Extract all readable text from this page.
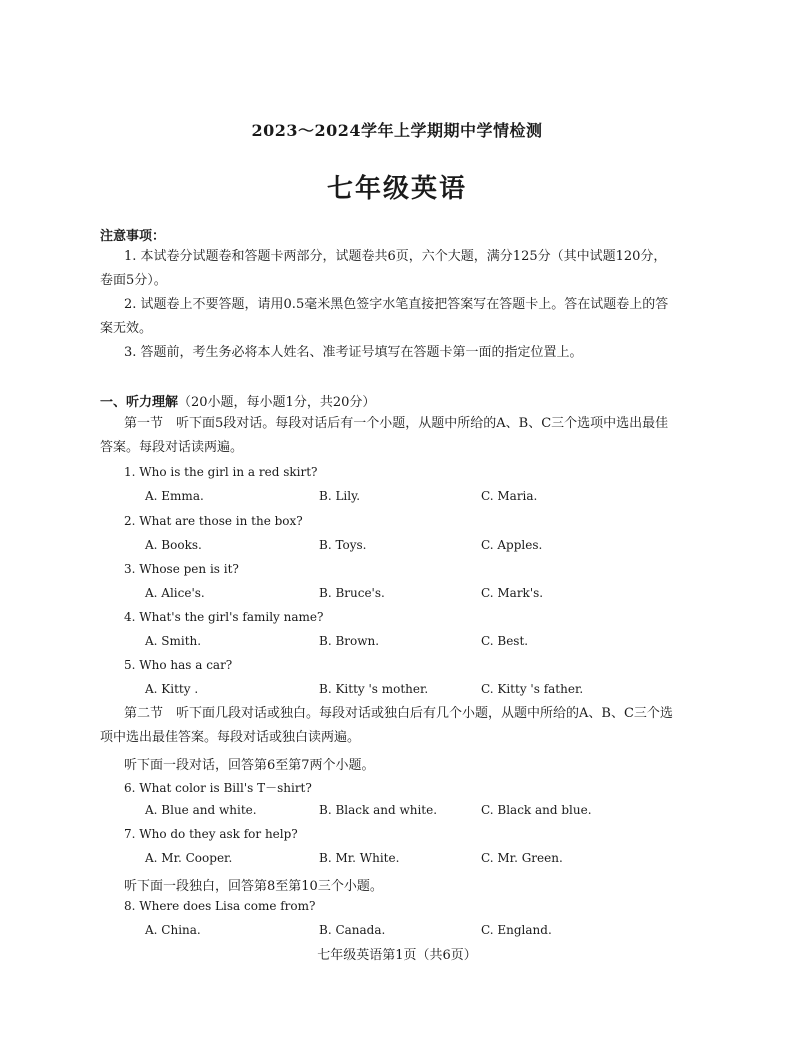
2023～2024学年上学期期中学情检测
七年级英语
注意事项：
1. 本试卷分试题卷和答题卡两部分，试题卷共6页，六个大题，满分125分（其中试题120分，卷面5分）。
2. 试题卷上不要答题，请用0.5毫米黑色签字水笔直接把答案写在答题卡上。答在试题卷上的答案无效。
3. 答题前，考生务必将本人姓名、准考证号填写在答题卡第一面的指定位置上。
一、听力理解（20小题，每小题1分，共20分）
第一节　听下面5段对话。每段对话后有一个小题，从题中所给的A、B、C三个选项中选出最佳答案。每段对话读两遍。
1. Who is the girl in a red skirt?
A. Emma.	B. Lily.	C. Maria.
2. What are those in the box?
A. Books.	B. Toys.	C. Apples.
3. Whose pen is it?
A. Alice's.	B. Bruce's.	C. Mark's.
4. What's the girl's family name?
A. Smith.	B. Brown.	C. Best.
5. Who has a car?
A. Kitty .	B. Kitty 's mother.	C. Kitty 's father.
第二节　听下面几段对话或独白。每段对话或独白后有几个小题，从题中所给的A、B、C三个选项中选出最佳答案。每段对话或独白读两遍。
听下面一段对话，回答第6至第7两个小题。
6. What color is Bill's T－shirt?
A. Blue and white.	B. Black and white.	C. Black and blue.
7. Who do they ask for help?
A. Mr. Cooper.	B. Mr. White.	C. Mr. Green.
听下面一段独白，回答第8至第10三个小题。
8. Where does Lisa come from?
A. China.	B. Canada.	C. England.
七年级英语第1页（共6页）
